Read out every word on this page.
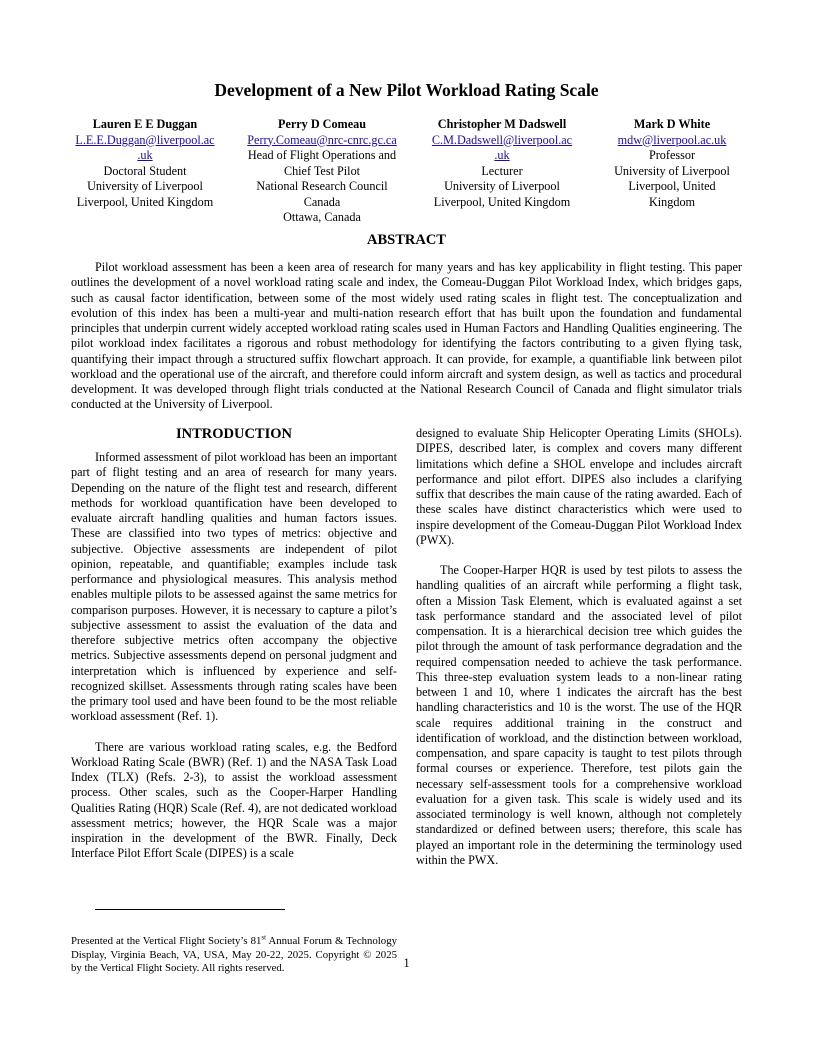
Development of a New Pilot Workload Rating Scale
Lauren E E Duggan
L.E.E.Duggan@liverpool.ac
.uk
Doctoral Student
University of Liverpool
Liverpool, United Kingdom
Perry D Comeau
Perry.Comeau@nrc-cnrc.gc.ca
Head of Flight Operations and
Chief Test Pilot
National Research Council
Canada
Ottawa, Canada
Christopher M Dadswell
C.M.Dadswell@liverpool.ac
.uk
Lecturer
University of Liverpool
Liverpool, United Kingdom
Mark D White
mdw@liverpool.ac.uk
Professor
University of Liverpool
Liverpool, United
Kingdom
ABSTRACT

Pilot workload assessment has been a keen area of research for many years and has key applicability in flight testing. This paper outlines the development of a novel workload rating scale and index, the Comeau-Duggan Pilot Workload Index, which bridges gaps, such as causal factor identification, between some of the most widely used rating scales in flight test. The conceptualization and evolution of this index has been a multi-year and multi-nation research effort that has built upon the foundation and fundamental principles that underpin current widely accepted workload rating scales used in Human Factors and Handling Qualities engineering. The pilot workload index facilitates a rigorous and robust methodology for identifying the factors contributing to a given flying task, quantifying their impact through a structured suffix flowchart approach. It can provide, for example, a quantifiable link between pilot workload and the operational use of the aircraft, and therefore could inform aircraft and system design, as well as tactics and procedural development. It was developed through flight trials conducted at the National Research Council of Canada and flight simulator trials conducted at the University of Liverpool.

INTRODUCTION

Informed assessment of pilot workload has been an important part of flight testing and an area of research for many years. Depending on the nature of the flight test and research, different methods for workload quantification have been developed to evaluate aircraft handling qualities and human factors issues. These are classified into two types of metrics: objective and subjective. Objective assessments are independent of pilot opinion, repeatable, and quantifiable; examples include task performance and physiological measures. This analysis method enables multiple pilots to be assessed against the same metrics for comparison purposes. However, it is necessary to capture a pilot’s subjective assessment to assist the evaluation of the data and therefore subjective metrics often accompany the objective metrics. Subjective assessments depend on personal judgment and interpretation which is influenced by experience and self-recognized skillset. Assessments through rating scales have been the primary tool used and have been found to be the most reliable workload assessment (Ref. 1).

There are various workload rating scales, e.g. the Bedford Workload Rating Scale (BWR) (Ref. 1) and the NASA Task Load Index (TLX) (Refs. 2-3), to assist the workload assessment process. Other scales, such as the Cooper-Harper Handling Qualities Rating (HQR) Scale (Ref. 4), are not dedicated workload assessment metrics; however, the HQR Scale was a major inspiration in the development of the BWR. Finally, Deck Interface Pilot Effort Scale (DIPES) is a scale

designed to evaluate Ship Helicopter Operating Limits (SHOLs). DIPES, described later, is complex and covers many different limitations which define a SHOL envelope and includes aircraft performance and pilot effort. DIPES also includes a clarifying suffix that describes the main cause of the rating awarded. Each of these scales have distinct characteristics which were used to inspire development of the Comeau-Duggan Pilot Workload Index (PWX).

The Cooper-Harper HQR is used by test pilots to assess the handling qualities of an aircraft while performing a flight task, often a Mission Task Element, which is evaluated against a set task performance standard and the associated level of pilot compensation. It is a hierarchical decision tree which guides the pilot through the amount of task performance degradation and the required compensation needed to achieve the task performance. This three-step evaluation system leads to a non-linear rating between 1 and 10, where 1 indicates the aircraft has the best handling characteristics and 10 is the worst. The use of the HQR scale requires additional training in the construct and identification of workload, and the distinction between workload, compensation, and spare capacity is taught to test pilots through formal courses or experience. Therefore, test pilots gain the necessary self-assessment tools for a comprehensive workload evaluation for a given task. This scale is widely used and its associated terminology is well known, although not completely standardized or defined between users; therefore, this scale has played an important role in the determining the terminology used within the PWX.

Presented at the Vertical Flight Society’s 81st Annual Forum & Technology Display, Virginia Beach, VA, USA, May 20-22, 2025. Copyright © 2025 by the Vertical Flight Society. All rights reserved.	1
